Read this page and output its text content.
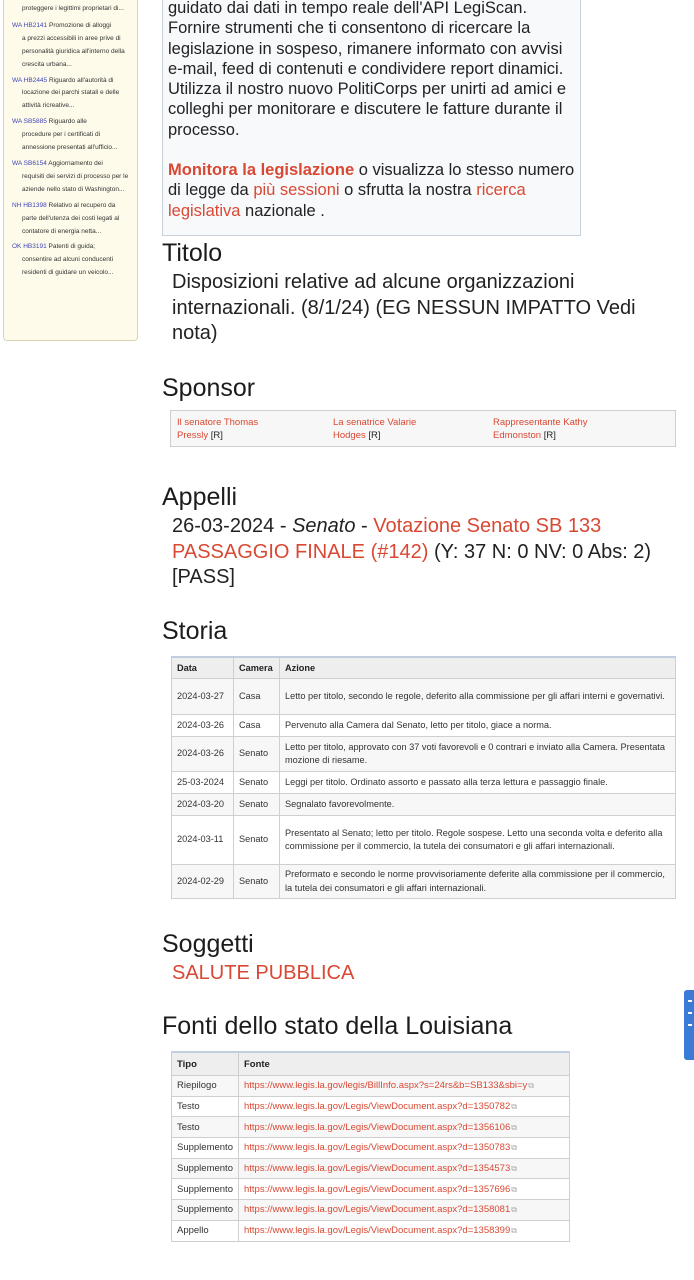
proteggere i legittimi proprietari di...
WA HB2141 Promozione di alloggi
a prezzi accessibili in aree prive di personalità giuridica all'interno della crescita urbana...
WA HB2445 Riguardo all'autorità di
locazione dei parchi statali e delle attività ricreative...
WA SB5885 Riguardo alle
procedure per i certificati di annessione presentati all'ufficio...
WA SB6154 Aggiornamento dei
requisiti dei servizi di processo per le aziende nello stato di Washington...
NH HB1398 Relativo al recupero da
parte dell'utenza dei costi legati al contatore di energia netta...
OK HB3191 Patenti di guida;
consentire ad alcuni conducenti residenti di guidare un veicolo...

guidato dai dati in tempo reale dell'API LegiScan. Fornire strumenti che ti consentono di ricercare la legislazione in sospeso, rimanere informato con avvisi e-mail, feed di contenuti e condividere report dinamici. Utilizza il nostro nuovo PolitiCorps per unirti ad amici e colleghi per monitorare e discutere le fatture durante il processo.

Monitora la legislazione o visualizza lo stesso numero di legge da più sessioni o sfrutta la nostra ricerca legislativa nazionale .

Titolo
Disposizioni relative ad alcune organizzazioni internazionali. (8/1/24) (EG NESSUN IMPATTO Vedi nota)
Sponsor
Il senatore Thomas
Pressly [R]
La senatrice Valarie
Hodges [R]
Rappresentante Kathy
Edmonston [R]
Appelli
26-03-2024 - Senato - Votazione Senato SB 133 PASSAGGIO FINALE (#142) (Y: 37 N: 0 NV: 0 Abs: 2) [PASS]
Storia
Data	Camera	Azione
2024-03-27	Casa	Letto per titolo, secondo le regole, deferito alla commissione per gli affari interni e governativi.
2024-03-26	Casa	Pervenuto alla Camera dal Senato, letto per titolo, giace a norma.
2024-03-26	Senato	Letto per titolo, approvato con 37 voti favorevoli e 0 contrari e inviato alla Camera. Presentata mozione di riesame.
25-03-2024	Senato	Leggi per titolo. Ordinato assorto e passato alla terza lettura e passaggio finale.
2024-03-20	Senato	Segnalato favorevolmente.
2024-03-11	Senato	Presentato al Senato; letto per titolo. Regole sospese. Letto una seconda volta e deferito alla commissione per il commercio, la tutela dei consumatori e gli affari internazionali.
2024-02-29	Senato	Preformato e secondo le norme provvisoriamente deferite alla commissione per il commercio, la tutela dei consumatori e gli affari internazionali.
Soggetti
SALUTE PUBBLICA
Fonti dello stato della Louisiana
Tipo	Fonte
Riepilogo	https://www.legis.la.gov/legis/BillInfo.aspx?s=24rs&b=SB133&sbi=y⧉
Testo	https://www.legis.la.gov/Legis/ViewDocument.aspx?d=1350782⧉
Testo	https://www.legis.la.gov/Legis/ViewDocument.aspx?d=1356106⧉
Supplemento	https://www.legis.la.gov/Legis/ViewDocument.aspx?d=1350783⧉
Supplemento	https://www.legis.la.gov/Legis/ViewDocument.aspx?d=1354573⧉
Supplemento	https://www.legis.la.gov/Legis/ViewDocument.aspx?d=1357696⧉
Supplemento	https://www.legis.la.gov/Legis/ViewDocument.aspx?d=1358081⧉
Appello	https://www.legis.la.gov/Legis/ViewDocument.aspx?d=1358399⧉
